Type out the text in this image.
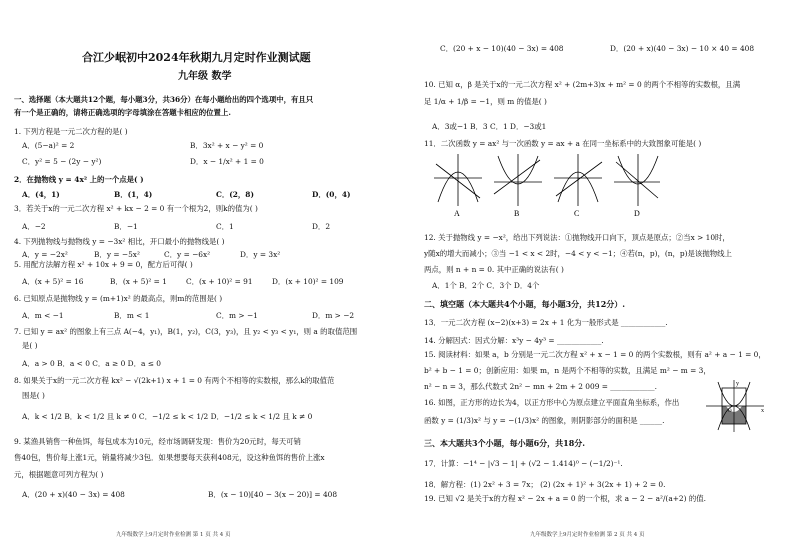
合江少岷初中2024年秋期九月定时作业测试题
九年级 数学
一、选择题（本大题共12个题，每小题3分，共36分）在每小题给出的四个选项中，有且只
有一个是正确的，请将正确选项的字母填涂在答题卡相应的位置上.
1. 下列方程是一元二次方程的是( )
A．(5−a)² = 2	B．3x² + x − y² = 0
C．y² = 5 − (2y − y²)	D．x − 1/x² + 1 = 0
2．在抛物线 y = 4x² 上的一个点是( )
A．(4，1)	B．(1，4)	C．(2，8)	D．(0，4)
3．若关于x的一元二次方程 x² + kx − 2 = 0 有一个根为2，则k的值为( )
A．−2	B．−1	C．1	D．2
4. 下列抛物线与抛物线 y = −3x² 相比，开口最小的抛物线是( )
A．y = −2x²	B．y = −5x²	C．y = −6x²	D．y = 3x²
5. 用配方法解方程 x² + 10x + 9 = 0，配方后可得( )
A．(x + 5)² = 16	B．(x + 5)² = 1	C．(x + 10)² = 91	D．(x + 10)² = 109
6. 已知原点是抛物线 y = (m+1)x² 的最高点，则m的范围是( )
A．m < −1	B．m < 1	C．m > −1	D．m > −2
7. 已知 y = ax² 的图象上有三点 A(−4，y₁)，B(1，y₂)，C(3，y₃)，且 y₂ < y₃ < y₁，则 a 的取值范围
是( )
A．a > 0 B．a < 0 C．a ≥ 0 D．a ≤ 0
8. 如果关于x的一元二次方程 kx² − √(2k+1) x + 1 = 0 有两个不相等的实数根，那么k的取值范
围是( )
A．k < 1/2 B．k < 1/2 且 k ≠ 0 C．−1/2 ≤ k < 1/2 D．−1/2 ≤ k < 1/2 且 k ≠ 0
9. 某渔具销售一种鱼饵，每包成本为10元，经市场调研发现：售价为20元时，每天可销
售40包，售价每上涨1元，销量将减少3包．如果想要每天获利408元，设这种鱼饵的售价上涨x
元，根据题意可列方程为( )
A．(20 + x)(40 − 3x) = 408	B．(x − 10)[40 − 3(x − 20)] = 408
九年级数学上9月定时作业检测 第 1 页 共 4 页
C．(20 + x − 10)(40 − 3x) = 408	D．(20 + x)(40 − 3x) − 10 × 40 = 408
10. 已知 α，β 是关于x的一元二次方程 x² + (2m+3)x + m² = 0 的两个不相等的实数根，且满
足 1/α + 1/β = −1，则 m 的值是( )
A．3或−1 B．3 C．1 D．−3或1
11．二次函数 y = ax² 与一次函数 y = ax + a 在同一坐标系中的大致图象可能是( )
A	B	C	D
12. 关于抛物线 y = −x²，给出下列说法：①抛物线开口向下，顶点是原点；②当x > 10时，
y随x的增大而减小；③当 −1 < x < 2时，−4 < y < −1；④若(n，p)，(n，p)是该抛物线上
两点，则 n + n = 0. 其中正确的说法有( )
A．1个 B．2个 C．3个 D．4个
二、填空题（本大题共4个小题，每小题3分，共12分）.
13．一元二次方程 (x−2)(x+3) = 2x + 1 化为一般形式是 ____________.
14. 分解因式：因式分解：x³y − 4y³ = ____________.
15. 阅读材料：如果 a，b 分别是一元二次方程 x² + x − 1 = 0 的两个实数根，则有 a² + a − 1 = 0，
b² + b − 1 = 0；创新应用：如果 m，n 是两个不相等的实数，且满足 m² − m = 3，
n² − n = 3，那么代数式 2n² − mn + 2m + 2 009 = ____________.
16. 如图，正方形的边长为4，以正方形中心为原点建立平面直角坐标系，作出
函数 y = (1/3)x² 与 y = −(1/3)x² 的图象，则阴影部分的面积是 ______.
x
y
O
三、本大题共3个小题，每小题6分，共18分.
17．计算：−1⁴ − |√3 − 1| + (√2 − 1.414)⁰ − (−1/2)⁻¹.
18．解方程：(1) 2x² + 3 = 7x； (2) (2x + 1)² + 3(2x + 1) + 2 = 0.
19. 已知 √2 是关于x的方程 x² − 2x + a = 0 的一个根，求 a − 2 − a²/(a+2) 的值.
九年级数学上9月定时作业检测 第 2 页 共 4 页
